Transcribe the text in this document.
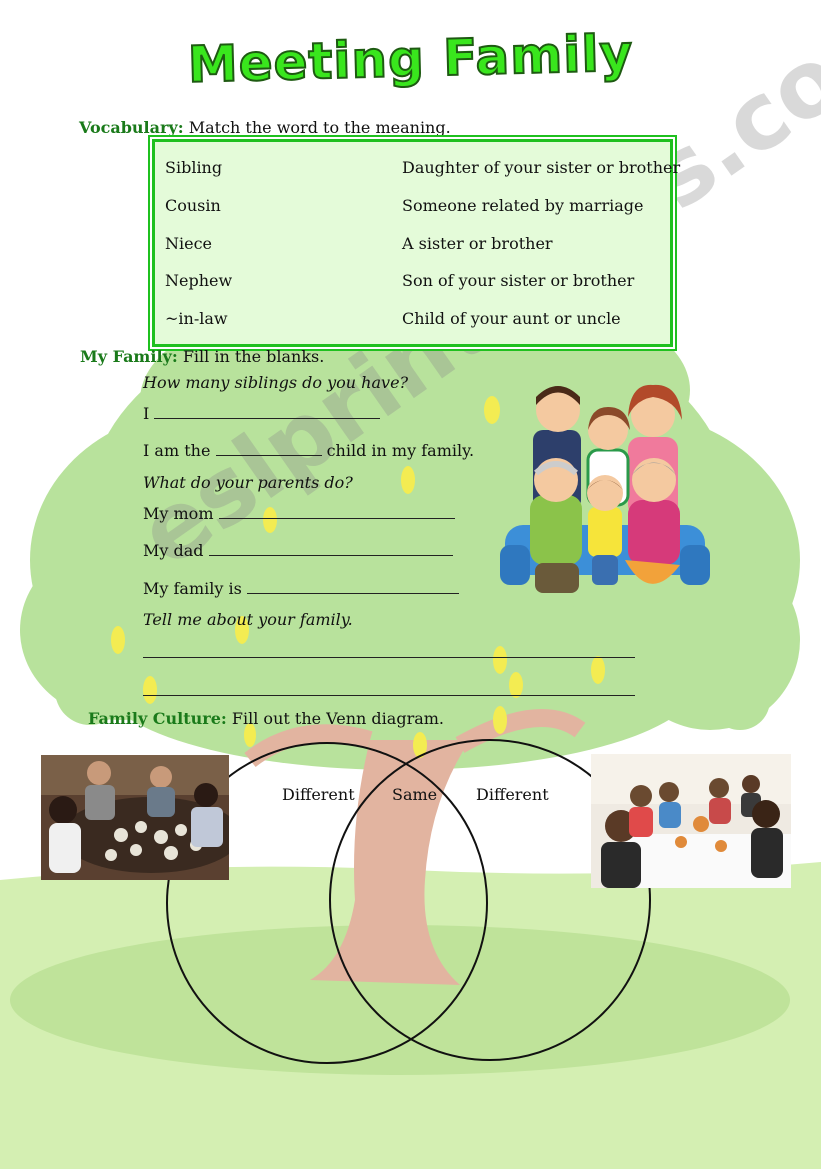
Meeting Family
Vocabulary: Match the word to the meaning.
Sibling	Daughter of your sister or brother
Cousin	Someone related by marriage
Niece	A sister or brother
Nephew	Son of your sister or brother
~in-law	Child of your aunt or uncle
My Family: Fill in the blanks.
How many siblings do you have?
I
I am the	child in my family.
What do your parents do?
My mom
My dad
My family is
Tell me about your family.
Family Culture: Fill out the Venn diagram.
Different Same Different
